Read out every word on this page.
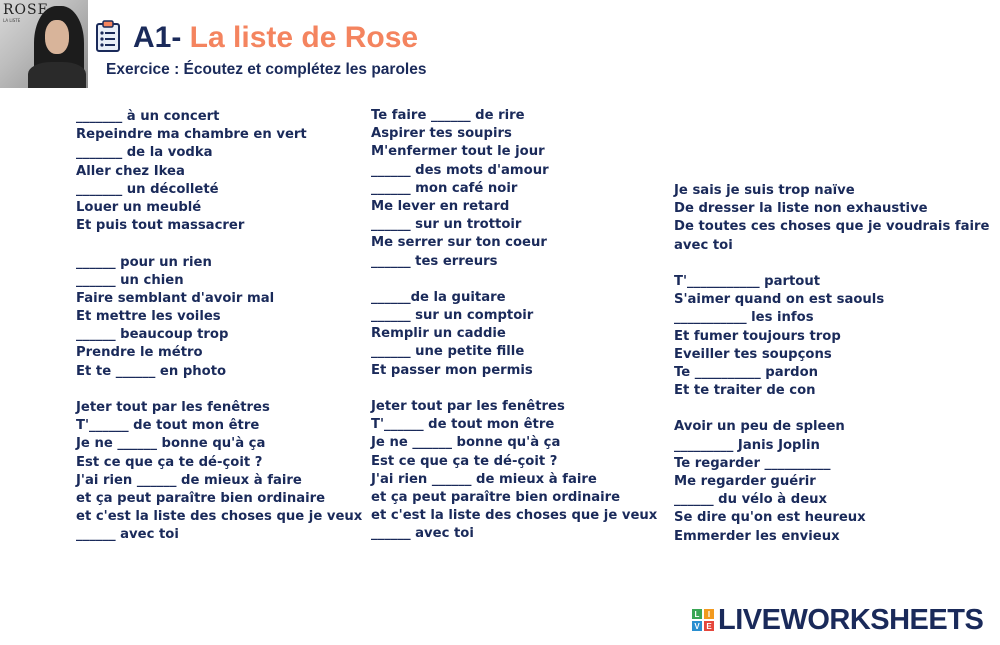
ROSE
LA LISTE
A1- La liste de Rose

Exercice : Écoutez et complétez les paroles

_______ à un concert
Repeindre ma chambre en vert
_______ de la vodka
Aller chez Ikea
_______ un décolleté
Louer un meublé
Et puis tout massacrer
______ pour un rien
______ un chien
Faire semblant d'avoir mal
Et mettre les voiles
______ beaucoup trop
Prendre le métro
Et te ______ en photo
Jeter tout par les fenêtres
T'______ de tout mon être
Je ne ______ bonne qu'à ça
Est ce que ça te dé-çoit ?
J'ai rien ______ de mieux à faire
et ça peut paraître bien ordinaire
et c'est la liste des choses que je veux
______ avec toi
Te faire ______ de rire
Aspirer tes soupirs
M'enfermer tout le jour
______ des mots d'amour
______ mon café noir
Me lever en retard
______ sur un trottoir
Me serrer sur ton coeur
______ tes erreurs
______de la guitare
______ sur un comptoir
Remplir un caddie
______ une petite fille
Et passer mon permis
Jeter tout par les fenêtres
T'______ de tout mon être
Je ne ______ bonne qu'à ça
Est ce que ça te dé-çoit ?
J'ai rien ______ de mieux à faire
et ça peut paraître bien ordinaire
et c'est la liste des choses que je veux
______ avec toi
Je sais je suis trop naïve
De dresser la liste non exhaustive
De toutes ces choses que je voudrais faire
avec toi
T'___________ partout
S'aimer quand on est saouls
___________ les infos
Et fumer toujours trop
Eveiller tes soupçons
Te __________ pardon
Et te traiter de con
Avoir un peu de spleen
_________ Janis Joplin
Te regarder __________
Me regarder guérir
______ du vélo à deux
Se dire qu'on est heureux
Emmerder les envieux
L	I
V E LIVEWORKSHEETS
